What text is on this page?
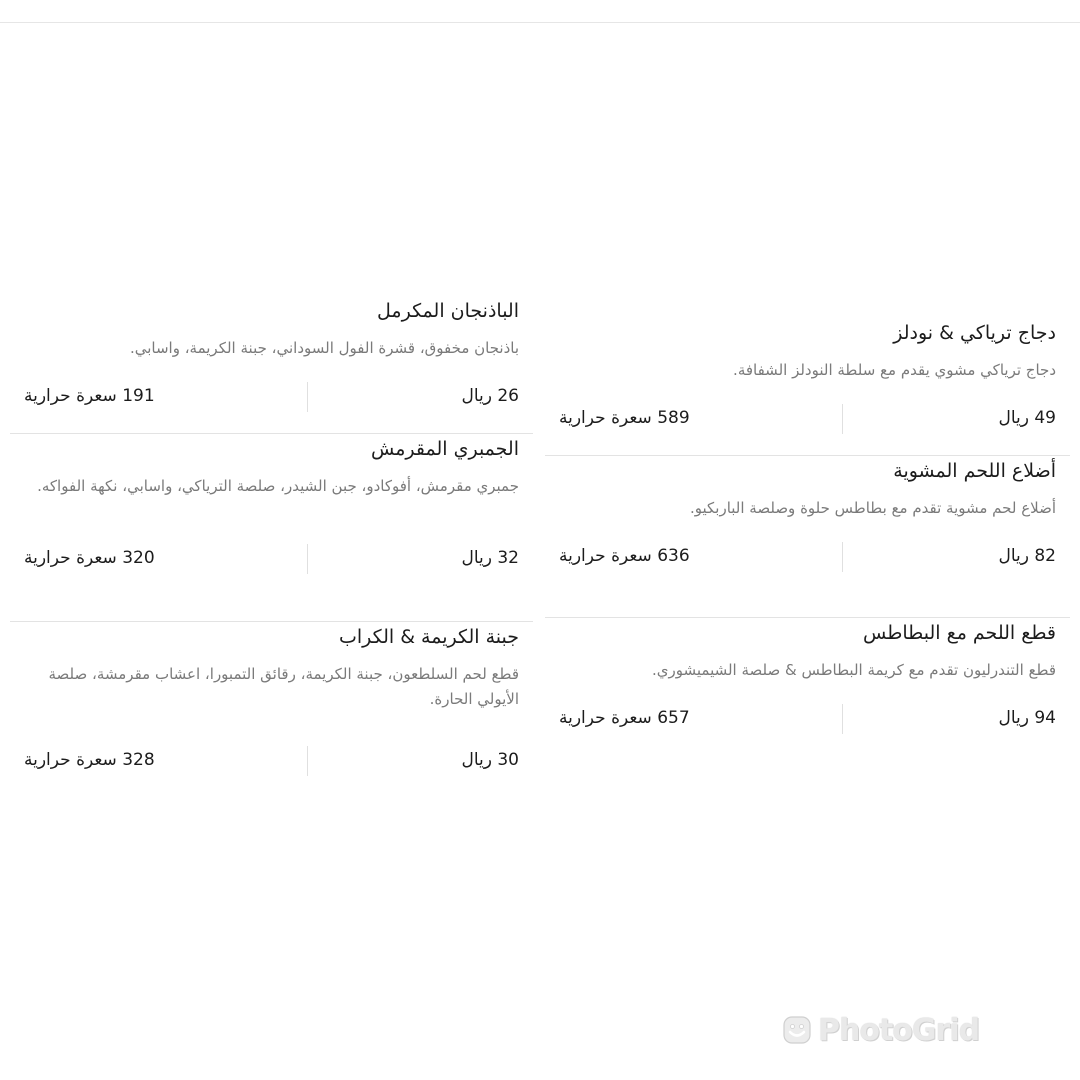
دجاج ترياكي & نودلز
دجاج ترياكي مشوي يقدم مع سلطة النودلز الشفافة.
49 ريال
589 سعرة حرارية
أضلاع اللحم المشوية
أضلاع لحم مشوية تقدم مع بطاطس حلوة وصلصة الباربكيو.
82 ريال
636 سعرة حرارية
قطع اللحم مع البطاطس
قطع التندرليون تقدم مع كريمة البطاطس & صلصة الشيميشوري.
94 ريال
657 سعرة حرارية
الباذنجان المكرمل
باذنجان مخفوق، قشرة الفول السوداني، جبنة الكريمة، واسابي.
26 ريال
191 سعرة حرارية
الجمبري المقرمش
جمبري مقرمش، أفوكادو، جبن الشيدر، صلصة الترياكي، واسابي، نكهة الفواكه.
32 ريال
320 سعرة حرارية
جبنة الكريمة & الكراب
قطع لحم السلطعون، جبنة الكريمة، رقائق التمبورا، اعشاب مقرمشة، صلصة الأيولي الحارة.
30 ريال
328 سعرة حرارية
PhotoGrid
